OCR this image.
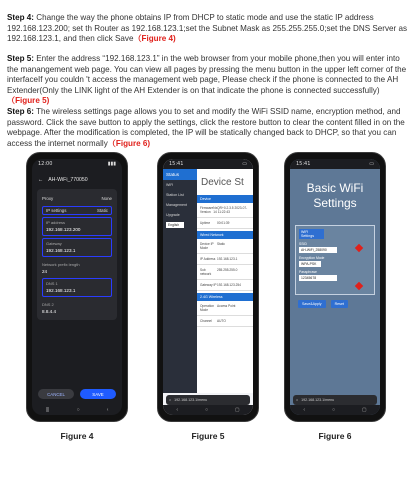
Step 4: Change the way the phone obtains IP from DHCP to static mode and use the static IP address 192.168.123.200; set th Router as 192.168.123.1;set the Subnet Mask as 255.255.255.0;set the DNS Server as 192.168.123.1, and then click Save（Figure 4)
Step 5: Enter the address “192.168.123.1” in the web browser from your mobile phone,then you will enter into the manangement web page. You can view all pages by pressing the menu button in the upper left corner of the interfaceIf you couldn 't access the management web page, Please check if the phone is connected to the AH Extender(Only the LINK light of the AH Extender is on that indicate the phone is connected successfully)（Figure 5)
Step 6: The wireless settings page allows you to set and modify the WiFi SSID name, encryption method, and password. Click the save button to apply the settings, click the restore button to clear the content filled in on the webpage. After the modification is completed, the IP will be statically changed back to DHCP, so that you can access the internet normally（Figure 6)
12:00	▮▮▮
← AH-WiFi_770050
Proxy	None
IP settings	Static
IP address
192.168.123.200
Gateway
192.168.123.1
Network prefix length
24
DNS 1
192.168.123.1
DNS 2
8.8.4.4
CANCEL	SAVE
|||	○	‹
15:41	▭
Status
WiFi
Station List
Management
Upgrade
English
Device St
Device
Firmware Version
NxQR+0.2.3.5 2023-07-14 11:22:43
Uptime	00:01:39
Wired Network
Device IP Mode
Static
IP Address 192.168.123.1
Sub network
255.255.255.0
Gateway IP 192.168.123.254
2.4G Wireless
Operation Mode
Access Point
Channel	AUTO
⌂ 192.168.123.1/menu
‹	○	▢
15:41	▭
Basic WiFi Settings
WiFi Settings
SSID
AH-WiFi_258090
Encryption Mode
WPA-PSK
Passphrase
12345678
Save&Apply	Reset
⌂ 192.168.123.1/menu
‹	○	▢
Figure 4	Figure 5	Figure 6
